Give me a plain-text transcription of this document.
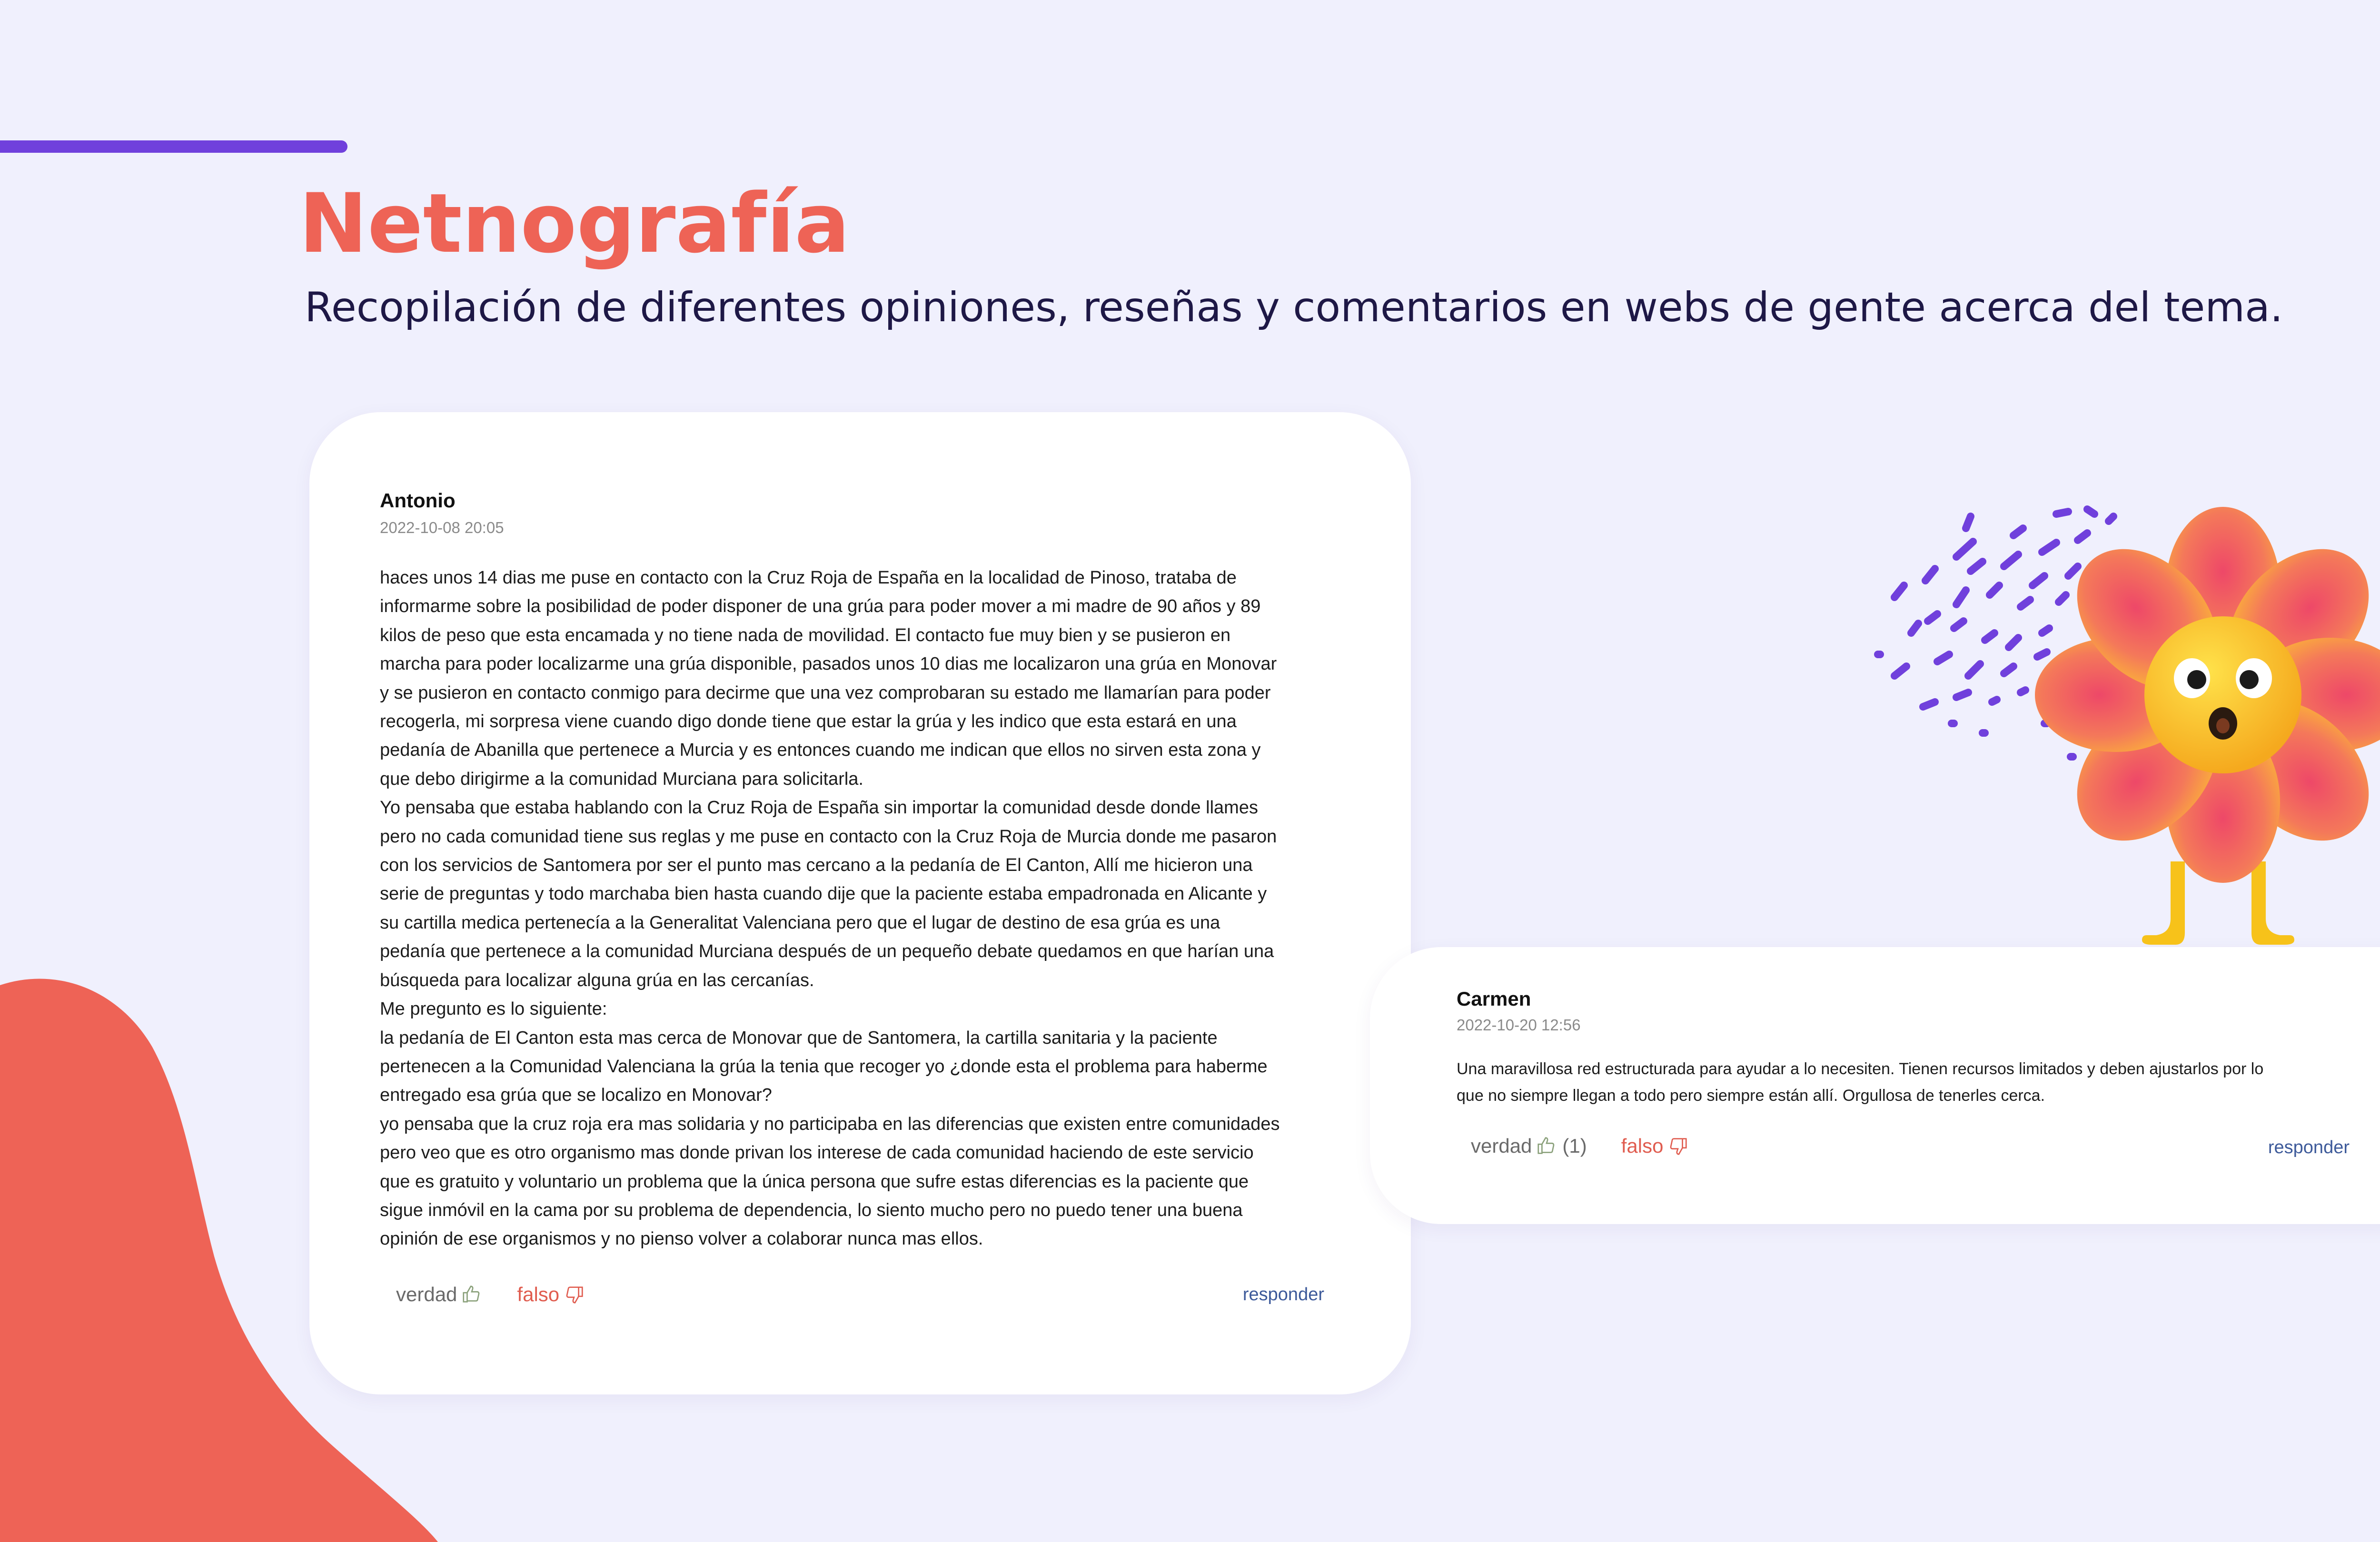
Netnografía

Recopilación de diferentes opiniones, reseñas y comentarios en webs de gente acerca del tema.

Antonio
2022-10-08 20:05
haces unos 14 dias me puse en contacto con la Cruz Roja de España en la localidad de Pinoso, trataba de
informarme sobre la posibilidad de poder disponer de una grúa para poder mover a mi madre de 90 años y 89
kilos de peso que esta encamada y no tiene nada de movilidad. El contacto fue muy bien y se pusieron en
marcha para poder localizarme una grúa disponible, pasados unos 10 dias me localizaron una grúa en Monovar
y se pusieron en contacto conmigo para decirme que una vez comprobaran su estado me llamarían para poder
recogerla, mi sorpresa viene cuando digo donde tiene que estar la grúa y les indico que esta estará en una
pedanía de Abanilla que pertenece a Murcia y es entonces cuando me indican que ellos no sirven esta zona y
que debo dirigirme a la comunidad Murciana para solicitarla.
Yo pensaba que estaba hablando con la Cruz Roja de España sin importar la comunidad desde donde llames
pero no cada comunidad tiene sus reglas y me puse en contacto con la Cruz Roja de Murcia donde me pasaron
con los servicios de Santomera por ser el punto mas cercano a la pedanía de El Canton, Allí me hicieron una
serie de preguntas y todo marchaba bien hasta cuando dije que la paciente estaba empadronada en Alicante y
su cartilla medica pertenecía a la Generalitat Valenciana pero que el lugar de destino de esa grúa es una
pedanía que pertenece a la comunidad Murciana después de un pequeño debate quedamos en que harían una
búsqueda para localizar alguna grúa en las cercanías.
Me pregunto es lo siguiente:
la pedanía de El Canton esta mas cerca de Monovar que de Santomera, la cartilla sanitaria y la paciente
pertenecen a la Comunidad Valenciana la grúa la tenia que recoger yo ¿donde esta el problema para haberme
entregado esa grúa que se localizo en Monovar?
yo pensaba que la cruz roja era mas solidaria y no participaba en las diferencias que existen entre comunidades
pero veo que es otro organismo mas donde privan los interese de cada comunidad haciendo de este servicio
que es gratuito y voluntario un problema que la única persona que sufre estas diferencias es la paciente que
sigue inmóvil en la cama por su problema de dependencia, lo siento mucho pero no puedo tener una buena
opinión de ese organismos y no pienso volver a colaborar nunca mas ellos.
verdad	falso	responder
Carmen
2022-10-20 12:56
Una maravillosa red estructurada para ayudar a lo necesiten. Tienen recursos limitados y deben ajustarlos por lo
que no siempre llegan a todo pero siempre están allí. Orgullosa de tenerles cerca.
verdad (1) falso	responder
